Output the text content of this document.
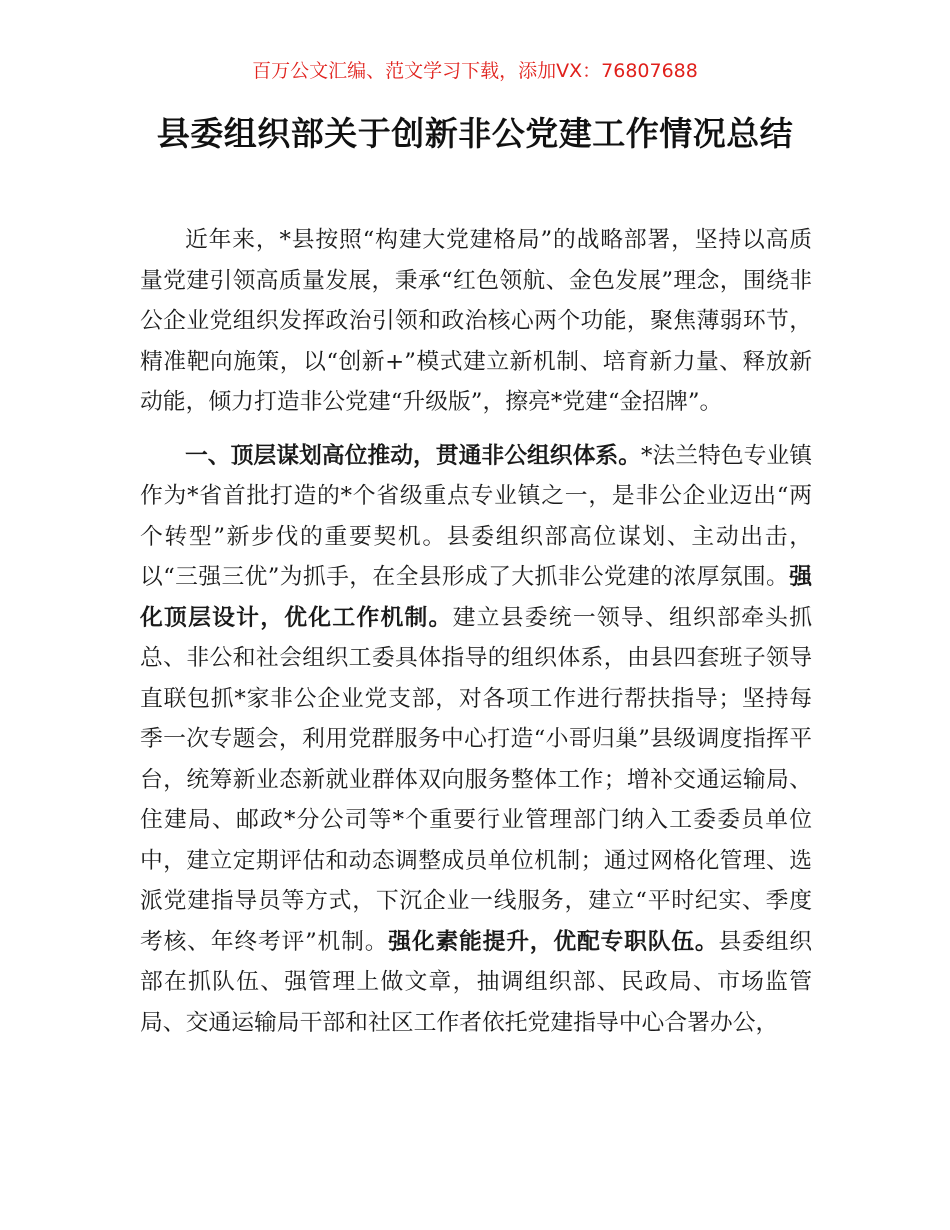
百万公文汇编、范文学习下载，添加VX：76807688
县委组织部关于创新非公党建工作情况总结

近年来，*县按照“构建大党建格局”的战略部署，坚持以高质量党建引领高质量发展，秉承“红色领航、金色发展”理念，围绕非公企业党组织发挥政治引领和政治核心两个功能，聚焦薄弱环节，精准靶向施策，以“创新+”模式建立新机制、培育新力量、释放新动能，倾力打造非公党建“升级版”，擦亮*党建“金招牌”。

一、顶层谋划高位推动，贯通非公组织体系。*法兰特色专业镇作为*省首批打造的*个省级重点专业镇之一，是非公企业迈出“两个转型”新步伐的重要契机。县委组织部高位谋划、主动出击，以“三强三优”为抓手，在全县形成了大抓非公党建的浓厚氛围。强化顶层设计，优化工作机制。建立县委统一领导、组织部牵头抓总、非公和社会组织工委具体指导的组织体系，由县四套班子领导直联包抓*家非公企业党支部，对各项工作进行帮扶指导；坚持每季一次专题会，利用党群服务中心打造“小哥归巢”县级调度指挥平台，统筹新业态新就业群体双向服务整体工作；增补交通运输局、住建局、邮政*分公司等*个重要行业管理部门纳入工委委员单位中，建立定期评估和动态调整成员单位机制；通过网格化管理、选派党建指导员等方式，下沉企业一线服务，建立“平时纪实、季度考核、年终考评”机制。强化素能提升，优配专职队伍。县委组织部在抓队伍、强管理上做文章，抽调组织部、民政局、市场监管局、交通运输局干部和社区工作者依托党建指导中心合署办公，
